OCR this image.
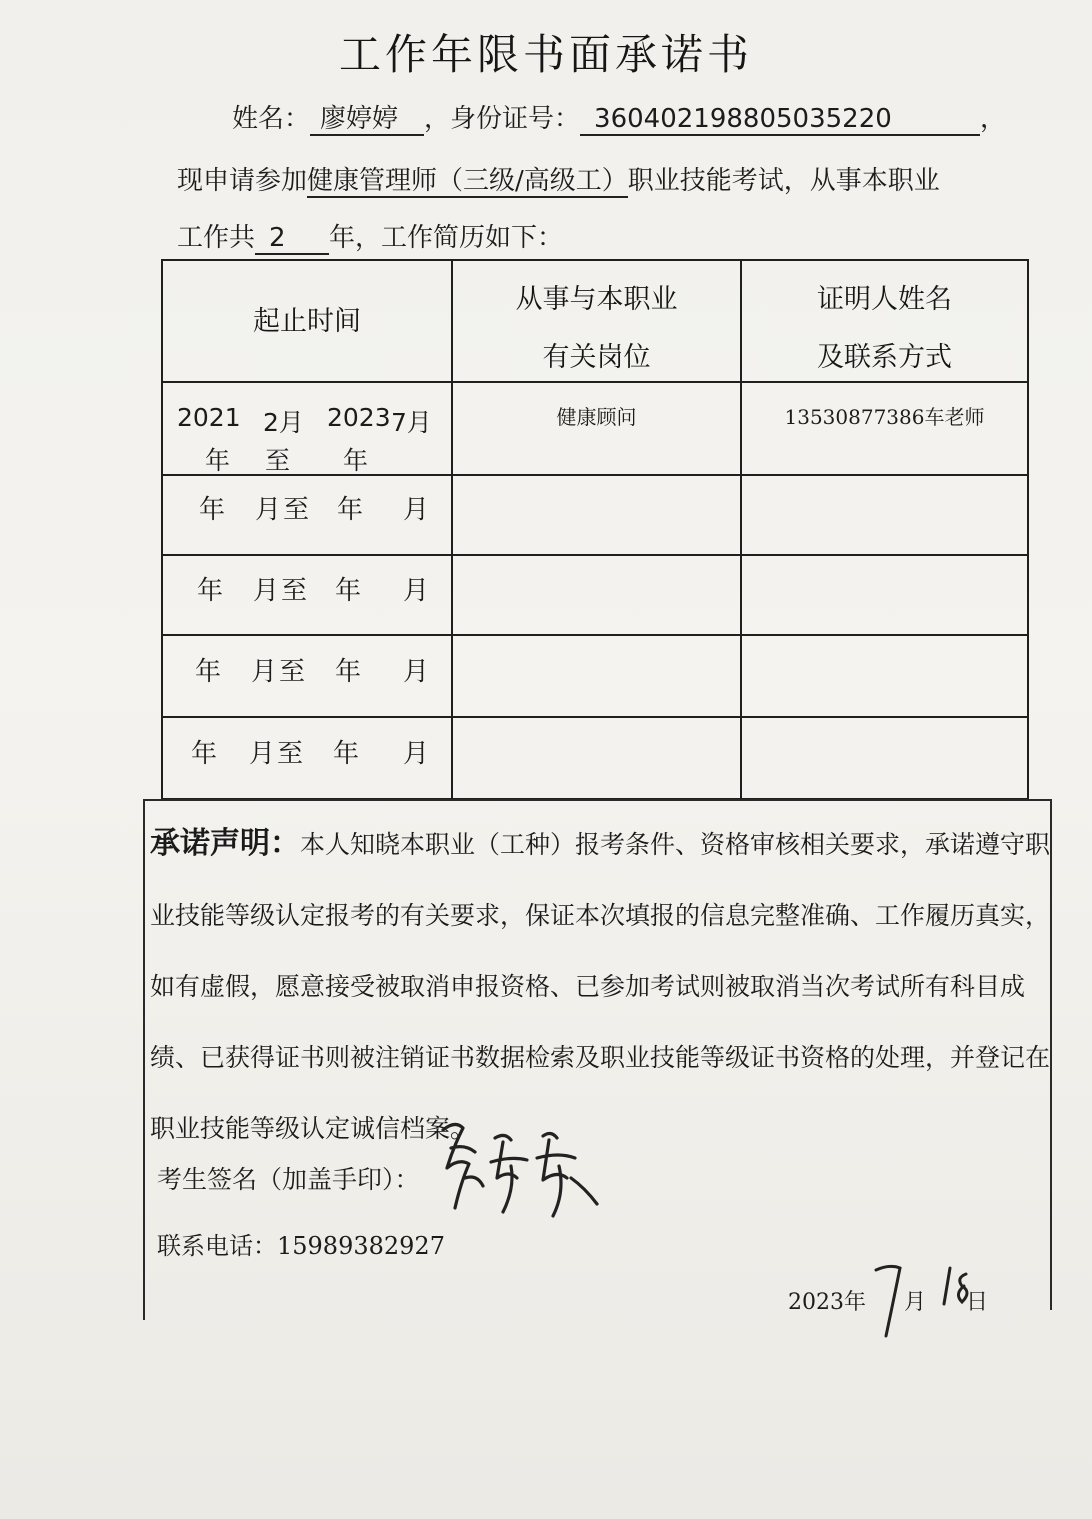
工作年限书面承诺书
姓名： 廖婷婷 ，身份证号： 360402198805035220	，
现申请参加健康管理师（三级/高级工）职业技能考试，从事本职业
工作共 2 年，工作简历如下：
起止时间
从事与本职业
有关岗位
证明人姓名
及联系方式
2021 2月 2023 7月
年 至 年
健康顾问	13530877386车老师
年 月至 年 月
年 月至 年 月
年 月至 年 月
年 月至 年 月
承诺声明：本人知晓本职业（工种）报考条件、资格审核相关要求，承诺遵守职业技能等级认定报考的有关要求，保证本次填报的信息完整准确、工作履历真实，如有虚假，愿意接受被取消申报资格、已参加考试则被取消当次考试所有科目成绩、已获得证书则被注销证书数据检索及职业技能等级证书资格的处理，并登记在职业技能等级认定诚信档案。
考生签名（加盖手印）：
联系电话：15989382927
2023年 月 日
